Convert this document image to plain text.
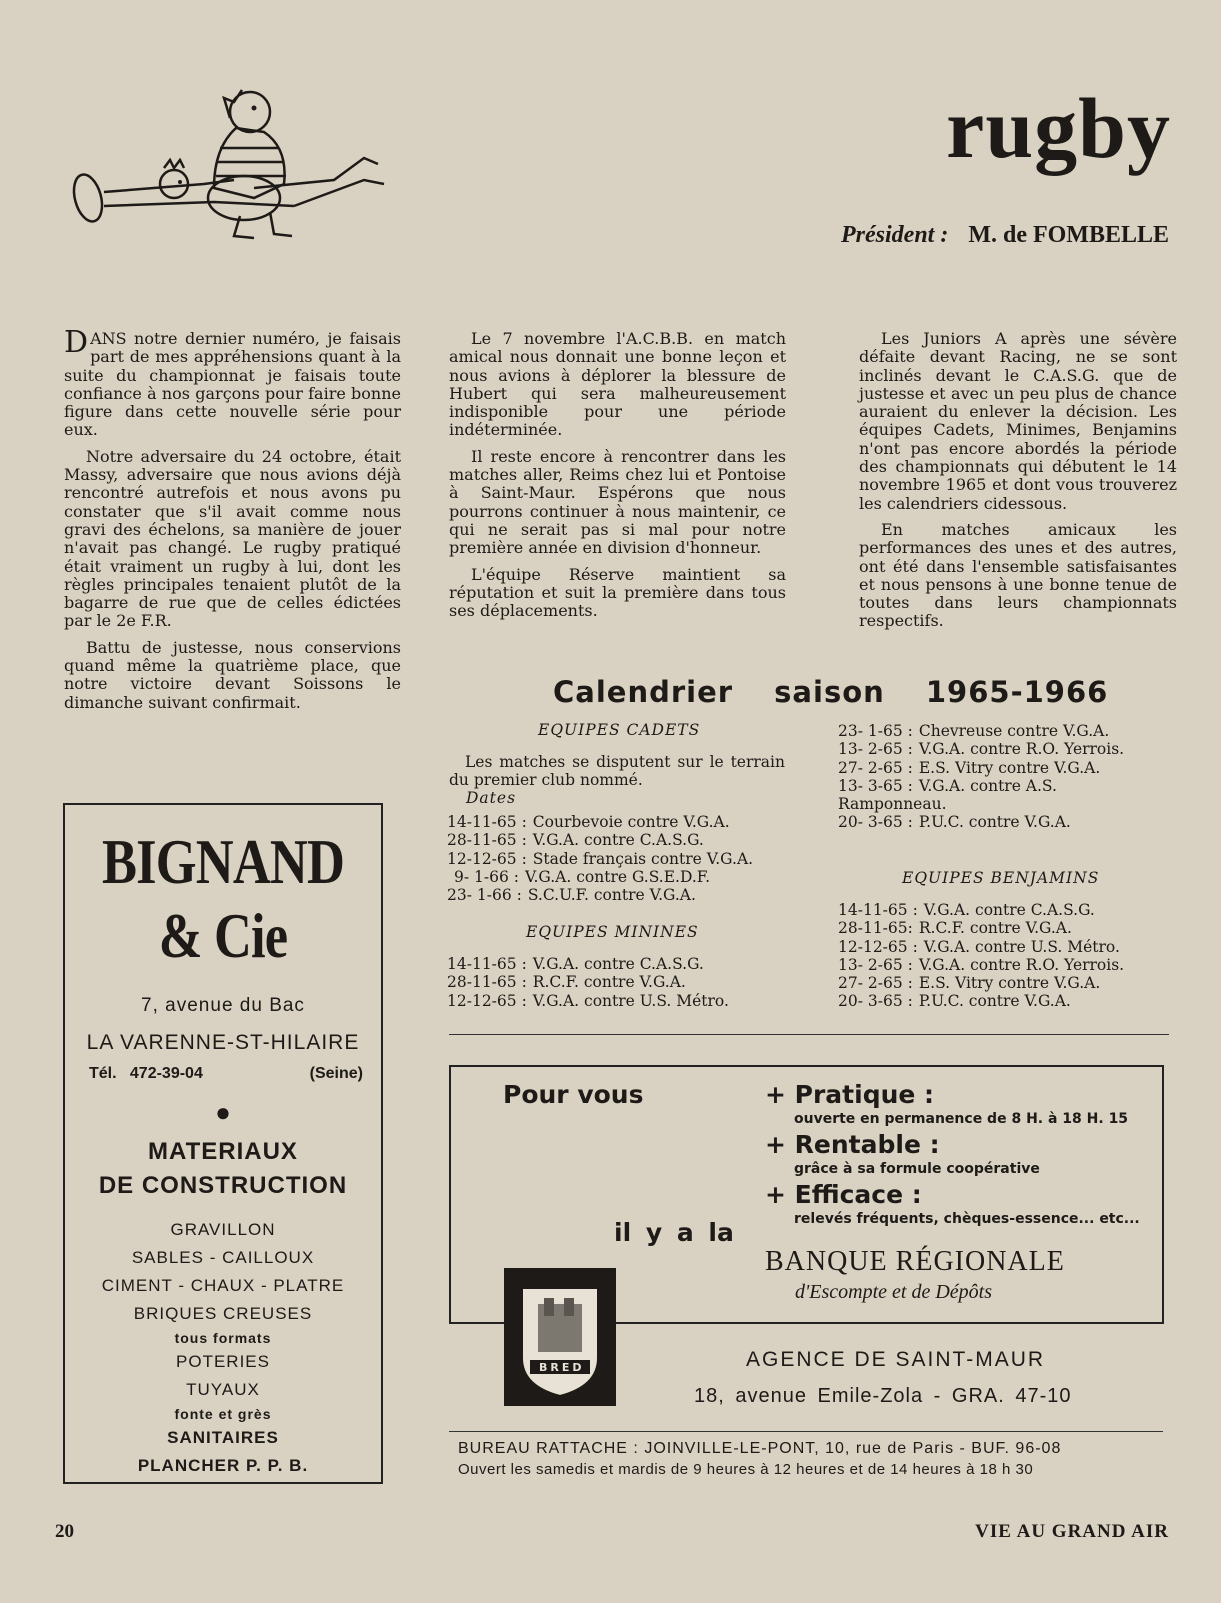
rugby
Président : M. de FOMBELLE

DANS notre dernier numéro, je faisais part de mes appréhensions quant à la suite du championnat je faisais toute confiance à nos garçons pour faire bonne figure dans cette nouvelle série pour eux.

Notre adversaire du 24 octobre, était Massy, adversaire que nous avions déjà rencontré autrefois et nous avons pu constater que s'il avait comme nous gravi des échelons, sa manière de jouer n'avait pas changé. Le rugby pratiqué était vraiment un rugby à lui, dont les règles principales tenaient plutôt de la bagarre de rue que de celles édictées par le 2e F.R.

Battu de justesse, nous conservions quand même la quatrième place, que notre victoire devant Soissons le dimanche suivant confirmait.

Le 7 novembre l'A.C.B.B. en match amical nous donnait une bonne leçon et nous avions à déplorer la blessure de Hubert qui sera malheureusement indisponible pour une période indéterminée.

Il reste encore à rencontrer dans les matches aller, Reims chez lui et Pontoise à Saint-Maur. Espérons que nous pourrons continuer à nous maintenir, ce qui ne serait pas si mal pour notre première année en division d'honneur.

L'équipe Réserve maintient sa réputation et suit la première dans tous ses déplacements.

Les Juniors A après une sévère défaite devant Racing, ne se sont inclinés devant le C.A.S.G. que de justesse et avec un peu plus de chance auraient du enlever la décision. Les équipes Cadets, Minimes, Benjamins n'ont pas encore abordés la période des championnats qui débutent le 14 novembre 1965 et dont vous trouverez les calendriers cidessous.

En matches amicaux les performances des unes et des autres, ont été dans l'ensemble satisfaisantes et nous pensons à une bonne tenue de toutes dans leurs championnats respectifs.

Calendrier saison 1965-1966
EQUIPES CADETS
Les matches se disputent sur le terrain du premier club nommé.
Dates
14-11-65 : Courbevoie contre V.G.A.
28-11-65 : V.G.A. contre C.A.S.G.
12-12-65 : Stade français contre V.G.A.
9- 1-66 : V.G.A. contre G.S.E.D.F.
23- 1-66 : S.C.U.F. contre V.G.A.
EQUIPES MININES
14-11-65 : V.G.A. contre C.A.S.G.
28-11-65 : R.C.F. contre V.G.A.
12-12-65 : V.G.A. contre U.S. Métro.
23- 1-65 : Chevreuse contre V.G.A.
13- 2-65 : V.G.A. contre R.O. Yerrois.
27- 2-65 : E.S. Vitry contre V.G.A.
13- 3-65 : V.G.A. contre A.S. Ramponneau.
20- 3-65 : P.U.C. contre V.G.A.
EQUIPES BENJAMINS
14-11-65 : V.G.A. contre C.A.S.G.
28-11-65: R.C.F. contre V.G.A.
12-12-65 : V.G.A. contre U.S. Métro.
13- 2-65 : V.G.A. contre R.O. Yerrois.
27- 2-65 : E.S. Vitry contre V.G.A.
20- 3-65 : P.U.C. contre V.G.A.
BIGNAND & Cie
7, avenue du Bac
LA VARENNE-ST-HILAIRE
Tél. 472-39-04	(Seine)
●
MATERIAUX
DE CONSTRUCTION
GRAVILLON
SABLES - CAILLOUX
CIMENT - CHAUX - PLATRE
BRIQUES CREUSES
tous formats
POTERIES
TUYAUX
fonte et grès
SANITAIRES
PLANCHER P. P. B.
Pour vous
il y a la
+ Pratique :
ouverte en permanence de 8 H. à 18 H. 15
+ Rentable :
grâce à sa formule coopérative
+ Efficace :
relevés fréquents, chèques-essence... etc...
BANQUE RÉGIONALE
d'Escompte et de Dépôts
BRED	AGENCE DE SAINT-MAUR
18, avenue Emile-Zola - GRA. 47-10
BUREAU RATTACHE : JOINVILLE-LE-PONT, 10, rue de Paris - BUF. 96-08
Ouvert les samedis et mardis de 9 heures à 12 heures et de 14 heures à 18 h 30
20	VIE AU GRAND AIR
